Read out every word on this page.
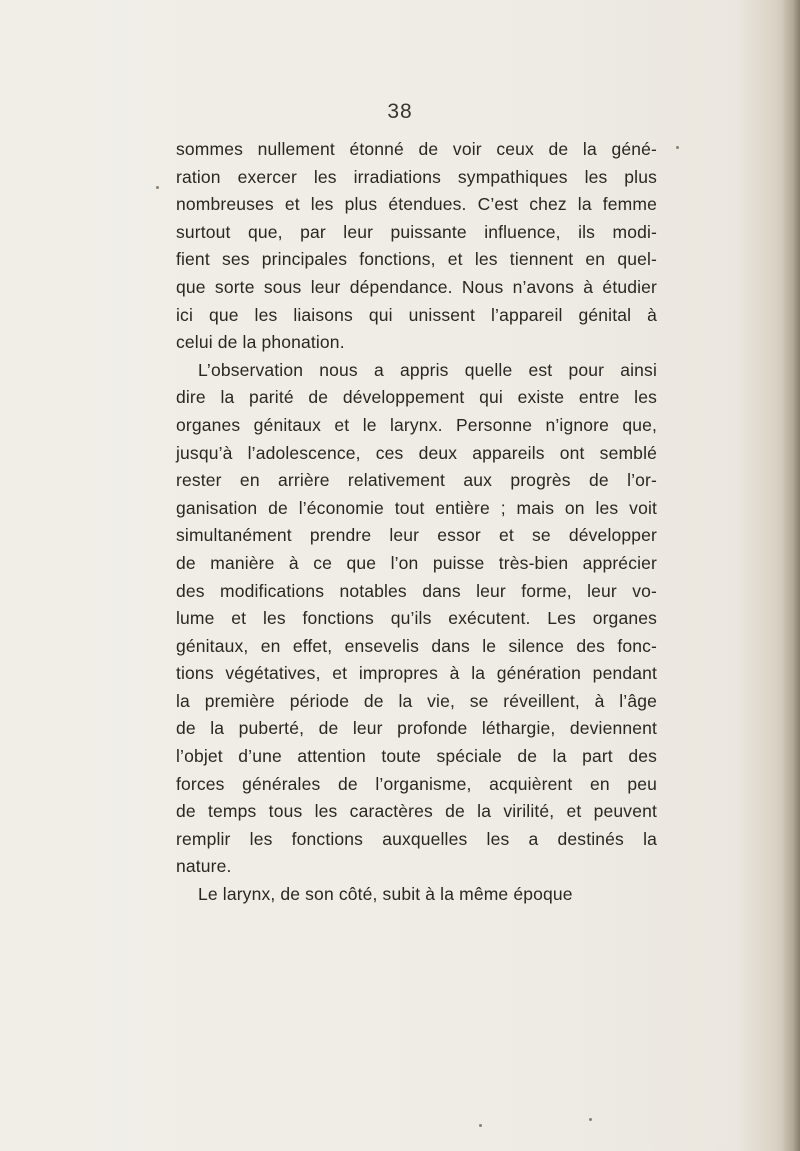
38
sommes nullement étonné de voir ceux de la géné-
ration exercer les irradiations sympathiques les plus
nombreuses et les plus étendues. C’est chez la femme
surtout que, par leur puissante influence, ils modi-
fient ses principales fonctions, et les tiennent en quel-
que sorte sous leur dépendance. Nous n’avons à étudier
ici que les liaisons qui unissent l’appareil génital à
celui de la phonation.
L’observation nous a appris quelle est pour ainsi
dire la parité de développement qui existe entre les
organes génitaux et le larynx. Personne n’ignore que,
jusqu’à l’adolescence, ces deux appareils ont semblé
rester en arrière relativement aux progrès de l’or-
ganisation de l’économie tout entière ; mais on les voit
simultanément prendre leur essor et se développer
de manière à ce que l’on puisse très-bien apprécier
des modifications notables dans leur forme, leur vo-
lume et les fonctions qu’ils exécutent. Les organes
génitaux, en effet, ensevelis dans le silence des fonc-
tions végétatives, et impropres à la génération pendant
la première période de la vie, se réveillent, à l’âge
de la puberté, de leur profonde léthargie, deviennent
l’objet d’une attention toute spéciale de la part des
forces générales de l’organisme, acquièrent en peu
de temps tous les caractères de la virilité, et peuvent
remplir les fonctions auxquelles les a destinés la
nature.
Le larynx, de son côté, subit à la même époque
